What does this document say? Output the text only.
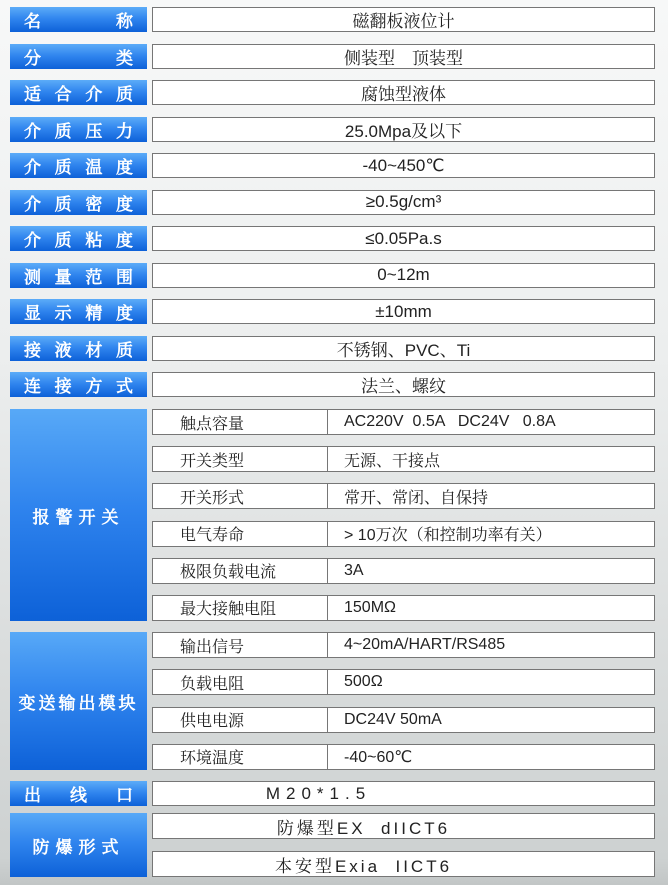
名称	磁翻板液位计
分类	侧装型　顶装型
适合介质	腐蚀型液体
介质压力	25.0Mpa及以下
介质温度	-40~450℃
介质密度	≥0.5g/cm³
介质粘度	≤0.05Pa.s
测量范围	0~12m
显示精度	±10mm
接液材质	不锈钢、PVC、Ti
连接方式	法兰、螺纹
报警开关
触点容量	AC220V  0.5A   DC24V   0.8A
开关类型	无源、干接点
开关形式	常开、常闭、自保持
电气寿命	> 10万次（和控制功率有关）
极限负载电流	3A
最大接触电阻	150MΩ
变送输出模块
输出信号	4~20mA/HART/RS485
负载电阻	500Ω
供电电源	DC24V 50mA
环境温度	-40~60℃
出线口	M20*1.5
防爆形式
防爆型EX  dIICT6
本安型Exia  IICT6
